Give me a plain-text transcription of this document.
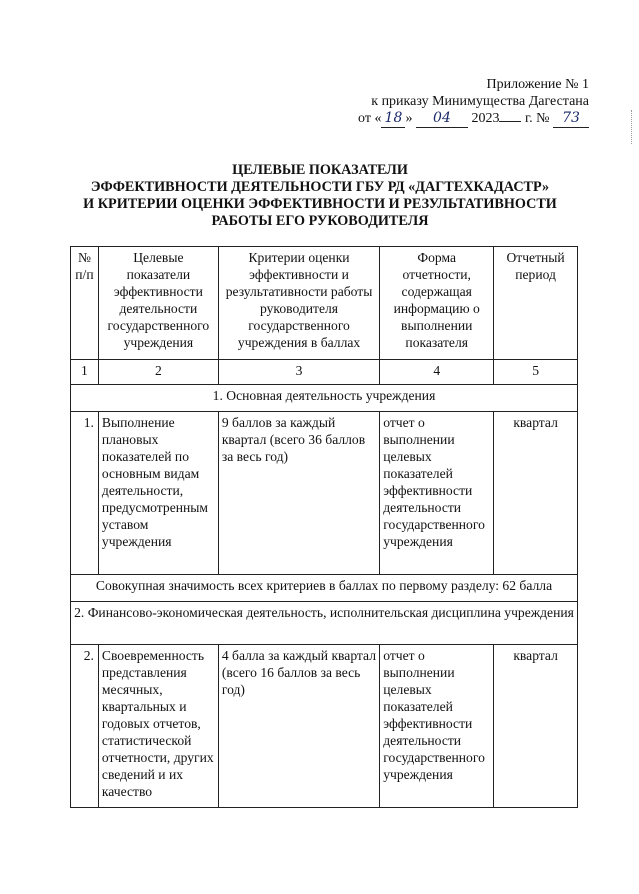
Приложение № 1
к приказу Минимущества Дагестана
от « 18 » 04 2023 г. № 73
ЦЕЛЕВЫЕ ПОКАЗАТЕЛИ
ЭФФЕКТИВНОСТИ ДЕЯТЕЛЬНОСТИ ГБУ РД «ДАГТЕХКАДАСТР»
И КРИТЕРИИ ОЦЕНКИ ЭФФЕКТИВНОСТИ И РЕЗУЛЬТАТИВНОСТИ
РАБОТЫ ЕГО РУКОВОДИТЕЛЯ
№ п/п	Целевые показатели эффективности деятельности государственного учреждения	Критерии оценки эффективности и результативности работы руководителя государственного учреждения в баллах	Форма отчетности, содержащая информацию о выполнении показателя	Отчетный период
1	2	3	4	5
1. Основная деятельность учреждения				
1.	Выполнение плановых показателей по основным видам деятельности, предусмотренным уставом учреждения	9 баллов за каждый квартал (всего 36 баллов за весь год)	отчет о выполнении целевых показателей эффективности деятельности государственного учреждения	квартал
Совокупная значимость всех критериев в баллах по первому разделу: 62 балла				
2. Финансово-экономическая деятельность, исполнительская дисциплина учреждения				
2.	Своевременность представления месячных, квартальных и годовых отчетов, статистической отчетности, других сведений и их качество	4 балла за каждый квартал (всего 16 баллов за весь год)	отчет о выполнении целевых показателей эффективности деятельности государственного учреждения	квартал
